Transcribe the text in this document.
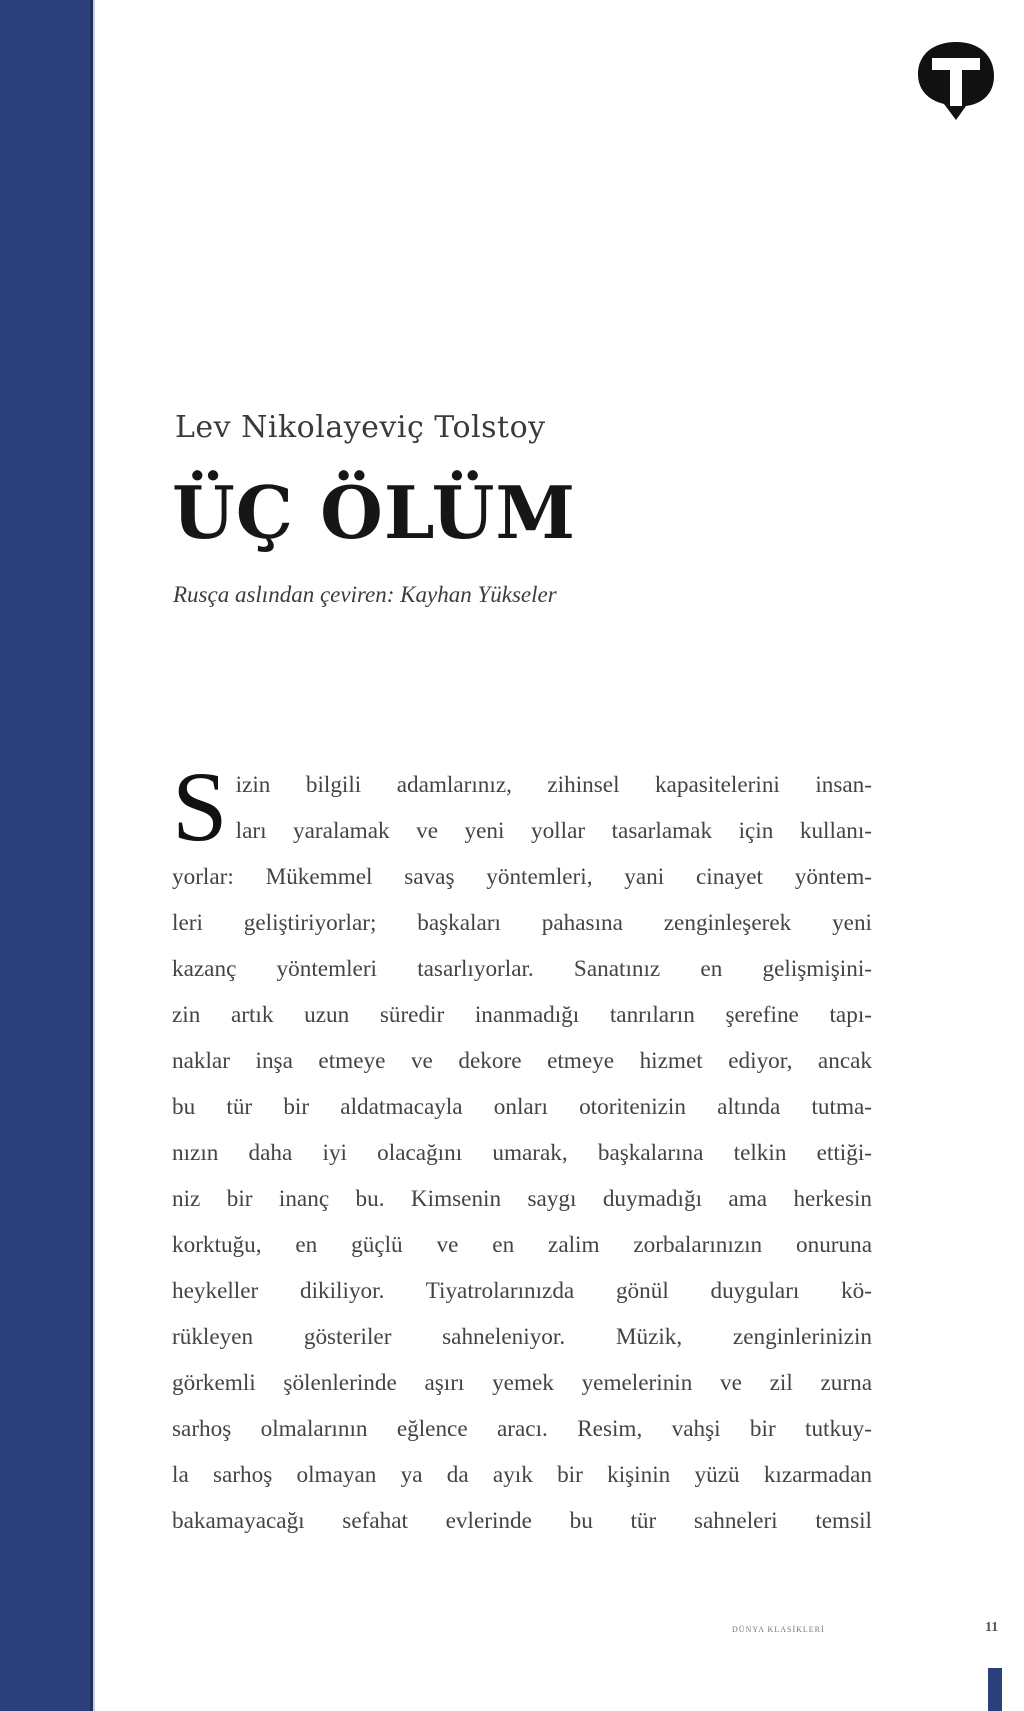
Lev Nikolayeviç Tolstoy
ÜÇ ÖLÜM
Rusça aslından çeviren: Kayhan Yükseler
S izin bilgili adamlarınız, zihinsel kapasitelerini insan-
ları yaralamak ve yeni yollar tasarlamak için kullanı-
yorlar: Mükemmel savaş yöntemleri, yani cinayet yöntem-
leri geliştiriyorlar; başkaları pahasına zenginleşerek yeni
kazanç yöntemleri tasarlıyorlar. Sanatınız en gelişmişini-
zin artık uzun süredir inanmadığı tanrıların şerefine tapı-
naklar inşa etmeye ve dekore etmeye hizmet ediyor, ancak
bu tür bir aldatmacayla onları otoritenizin altında tutma-
nızın daha iyi olacağını umarak, başkalarına telkin ettiği-
niz bir inanç bu. Kimsenin saygı duymadığı ama herkesin
korktuğu, en güçlü ve en zalim zorbalarınızın onuruna
heykeller dikiliyor. Tiyatrolarınızda gönül duyguları kö-
rükleyen gösteriler sahneleniyor. Müzik, zenginlerinizin
görkemli şölenlerinde aşırı yemek yemelerinin ve zil zurna
sarhoş olmalarının eğlence aracı. Resim, vahşi bir tutkuy-
la sarhoş olmayan ya da ayık bir kişinin yüzü kızarmadan
bakamayacağı sefahat evlerinde bu tür sahneleri temsil
DÜNYA KLASİKLERİ	11
